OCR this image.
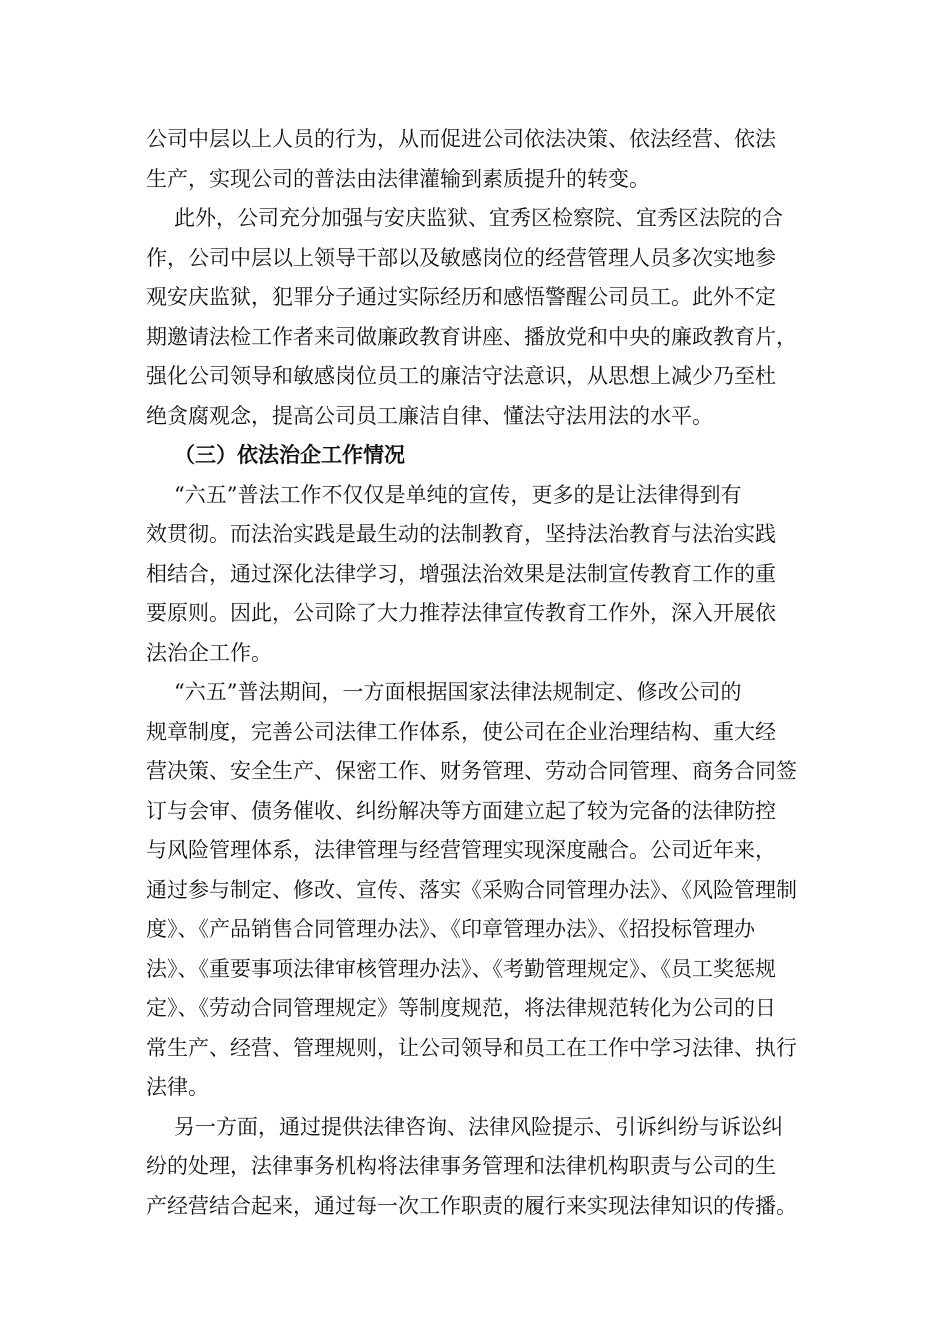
公司中层以上人员的行为，从而促进公司依法决策、依法经营、依法
生产，实现公司的普法由法律灌输到素质提升的转变。
此外，公司充分加强与安庆监狱、宜秀区检察院、宜秀区法院的合
作，公司中层以上领导干部以及敏感岗位的经营管理人员多次实地参
观安庆监狱，犯罪分子通过实际经历和感悟警醒公司员工。此外不定
期邀请法检工作者来司做廉政教育讲座、播放党和中央的廉政教育片，
强化公司领导和敏感岗位员工的廉洁守法意识，从思想上减少乃至杜
绝贪腐观念，提高公司员工廉洁自律、懂法守法用法的水平。
（三）依法治企工作情况
“六五”普法工作不仅仅是单纯的宣传，更多的是让法律得到有
效贯彻。而法治实践是最生动的法制教育，坚持法治教育与法治实践
相结合，通过深化法律学习，增强法治效果是法制宣传教育工作的重
要原则。因此，公司除了大力推荐法律宣传教育工作外，深入开展依
法治企工作。
“六五”普法期间，一方面根据国家法律法规制定、修改公司的
规章制度，完善公司法律工作体系，使公司在企业治理结构、重大经
营决策、安全生产、保密工作、财务管理、劳动合同管理、商务合同签
订与会审、债务催收、纠纷解决等方面建立起了较为完备的法律防控
与风险管理体系，法律管理与经营管理实现深度融合。公司近年来，
通过参与制定、修改、宣传、落实《采购合同管理办法》、《风险管理制
度》、《产品销售合同管理办法》、《印章管理办法》、《招投标管理办
法》、《重要事项法律审核管理办法》、《考勤管理规定》、《员工奖惩规
定》、《劳动合同管理规定》等制度规范，将法律规范转化为公司的日
常生产、经营、管理规则，让公司领导和员工在工作中学习法律、执行
法律。
另一方面，通过提供法律咨询、法律风险提示、引诉纠纷与诉讼纠
纷的处理，法律事务机构将法律事务管理和法律机构职责与公司的生
产经营结合起来，通过每一次工作职责的履行来实现法律知识的传播。
